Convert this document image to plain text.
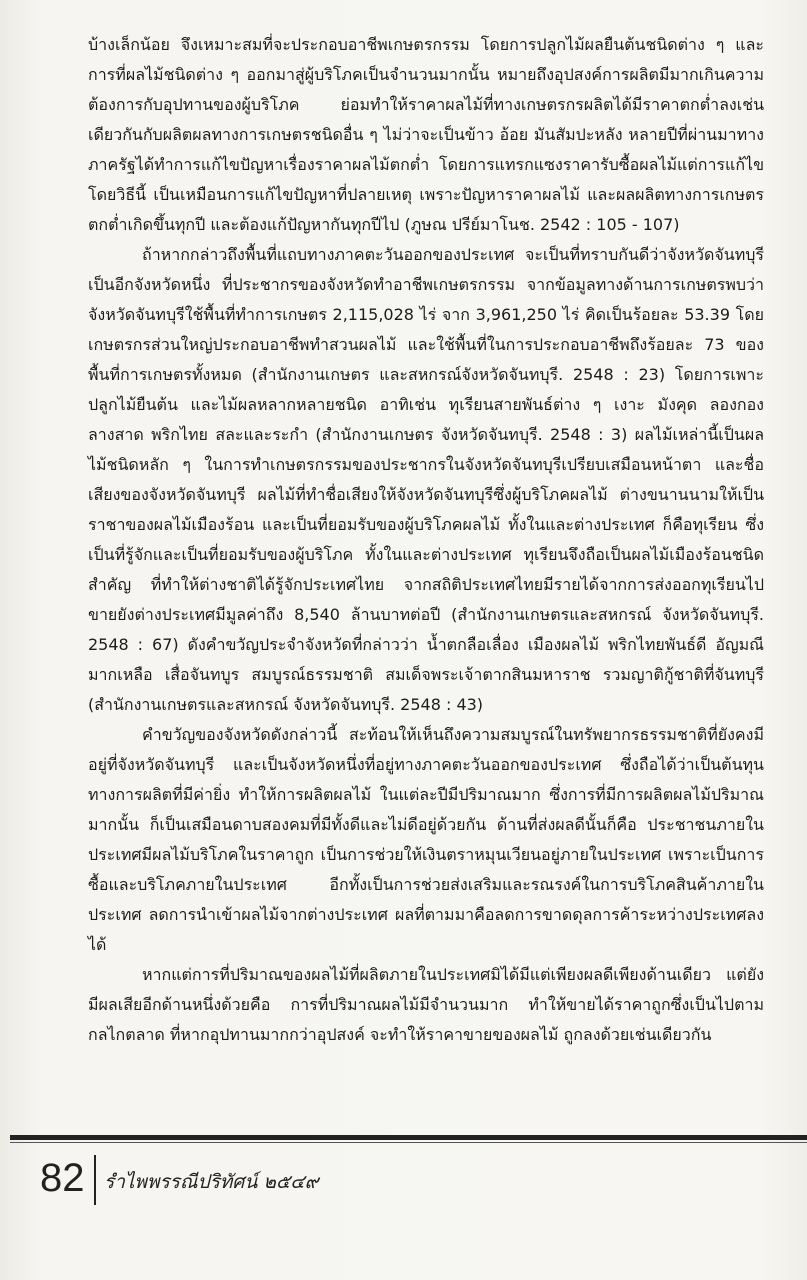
บ้างเล็กน้อย จึงเหมาะสมที่จะประกอบอาชีพเกษตรกรรม โดยการปลูกไม้ผลยืนต้นชนิดต่าง ๆ และการที่ผลไม้ชนิดต่าง ๆ ออกมาสู่ผู้บริโภคเป็นจำนวนมากนั้น หมายถึงอุปสงค์การผลิตมีมากเกินความต้องการกับอุปทานของผู้บริโภค ย่อมทำให้ราคาผลไม้ที่ทางเกษตรกรผลิตได้มีราคาตกต่ำลงเช่นเดียวกันกับผลิตผลทางการเกษตรชนิดอื่น ๆ ไม่ว่าจะเป็นข้าว อ้อย มันสัมปะหลัง หลายปีที่ผ่านมาทางภาครัฐได้ทำการแก้ไขปัญหาเรื่องราคาผลไม้ตกต่ำ โดยการแทรกแซงราคารับซื้อผลไม้แต่การแก้ไขโดยวิธีนี้ เป็นเหมือนการแก้ไขปัญหาที่ปลายเหตุ เพราะปัญหาราคาผลไม้ และผลผลิตทางการเกษตรตกต่ำเกิดขึ้นทุกปี และต้องแก้ปัญหากันทุกปีไป (ภูษณ ปรีย์มาโนช. 2542 : 105 - 107)

ถ้าหากกล่าวถึงพื้นที่แถบทางภาคตะวันออกของประเทศ จะเป็นที่ทราบกันดีว่าจังหวัดจันทบุรีเป็นอีกจังหวัดหนึ่ง ที่ประชากรของจังหวัดทำอาชีพเกษตรกรรม จากข้อมูลทางด้านการเกษตรพบว่า จังหวัดจันทบุรีใช้พื้นที่ทำการเกษตร 2,115,028 ไร่ จาก 3,961,250 ไร่ คิดเป็นร้อยละ 53.39 โดยเกษตรกรส่วนใหญ่ประกอบอาชีพทำสวนผลไม้ และใช้พื้นที่ในการประกอบอาชีพถึงร้อยละ 73 ของพื้นที่การเกษตรทั้งหมด (สำนักงานเกษตร และสหกรณ์จังหวัดจันทบุรี. 2548 : 23) โดยการเพาะปลูกไม้ยืนต้น และไม้ผลหลากหลายชนิด อาทิเช่น ทุเรียนสายพันธ์ต่าง ๆ เงาะ มังคุด ลองกอง ลางสาด พริกไทย สละและระกำ (สำนักงานเกษตร จังหวัดจันทบุรี. 2548 : 3) ผลไม้เหล่านี้เป็นผลไม้ชนิดหลัก ๆ ในการทำเกษตรกรรมของประชากรในจังหวัดจันทบุรีเปรียบเสมือนหน้าตา และชื่อเสียงของจังหวัดจันทบุรี ผลไม้ที่ทำชื่อเสียงให้จังหวัดจันทบุรีซึ่งผู้บริโภคผลไม้ ต่างขนานนามให้เป็นราชาของผลไม้เมืองร้อน และเป็นที่ยอมรับของผู้บริโภคผลไม้ ทั้งในและต่างประเทศ ก็คือทุเรียน ซึ่งเป็นที่รู้จักและเป็นที่ยอมรับของผู้บริโภค ทั้งในและต่างประเทศ ทุเรียนจึงถือเป็นผลไม้เมืองร้อนชนิดสำคัญ ที่ทำให้ต่างชาติได้รู้จักประเทศไทย จากสถิติประเทศไทยมีรายได้จากการส่งออกทุเรียนไปขายยังต่างประเทศมีมูลค่าถึง 8,540 ล้านบาทต่อปี (สำนักงานเกษตรและสหกรณ์ จังหวัดจันทบุรี. 2548 : 67) ดังคำขวัญประจำจังหวัดที่กล่าวว่า น้ำตกลือเลื่อง เมืองผลไม้ พริกไทยพันธ์ดี อัญมณีมากเหลือ เสื่อจันทบูร สมบูรณ์ธรรมชาติ สมเด็จพระเจ้าตากสินมหาราช รวมญาติกู้ชาติที่จันทบุรี (สำนักงานเกษตรและสหกรณ์ จังหวัดจันทบุรี. 2548 : 43)

คำขวัญของจังหวัดดังกล่าวนี้ สะท้อนให้เห็นถึงความสมบูรณ์ในทรัพยากรธรรมชาติที่ยังคงมีอยู่ที่จังหวัดจันทบุรี และเป็นจังหวัดหนึ่งที่อยู่ทางภาคตะวันออกของประเทศ ซึ่งถือได้ว่าเป็นต้นทุนทางการผลิตที่มีค่ายิ่ง ทำให้การผลิตผลไม้ ในแต่ละปีมีปริมาณมาก ซึ่งการที่มีการผลิตผลไม้ปริมาณมากนั้น ก็เป็นเสมือนดาบสองคมที่มีทั้งดีและไม่ดีอยู่ด้วยกัน ด้านที่ส่งผลดีนั้นก็คือ ประชาชนภายในประเทศมีผลไม้บริโภคในราคาถูก เป็นการช่วยให้เงินตราหมุนเวียนอยู่ภายในประเทศ เพราะเป็นการซื้อและบริโภคภายในประเทศ อีกทั้งเป็นการช่วยส่งเสริมและรณรงค์ในการบริโภคสินค้าภายในประเทศ ลดการนำเข้าผลไม้จากต่างประเทศ ผลที่ตามมาคือลดการขาดดุลการค้าระหว่างประเทศลงได้

หากแต่การที่ปริมาณของผลไม้ที่ผลิตภายในประเทศมิได้มีแต่เพียงผลดีเพียงด้านเดียว แต่ยังมีผลเสียอีกด้านหนึ่งด้วยคือ การที่ปริมาณผลไม้มีจำนวนมาก ทำให้ขายได้ราคาถูกซึ่งเป็นไปตามกลไกตลาด ที่หากอุปทานมากกว่าอุปสงค์ จะทำให้ราคาขายของผลไม้ ถูกลงด้วยเช่นเดียวกัน

82 รำไพพรรณีปริทัศน์ ๒๕๔๙
